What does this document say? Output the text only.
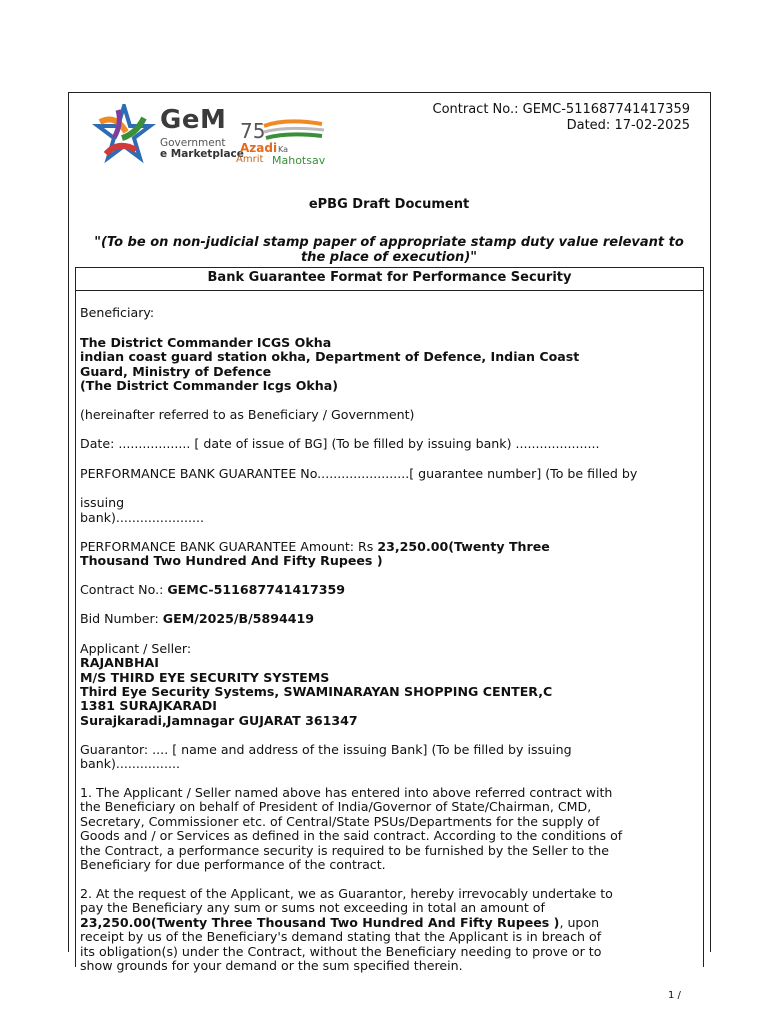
GeM
Government
e Marketplace
75
Azadi Ka
Amrit Mahotsav
Contract No.: GEMC-511687741417359
Dated: 17-02-2025
ePBG Draft Document
"(To be on non-judicial stamp paper of appropriate stamp duty value relevant to the place of execution)"
Bank Guarantee Format for Performance Security
Beneficiary:
The District Commander ICGS Okha
indian coast guard station okha, Department of Defence, Indian Coast
Guard, Ministry of Defence
(The District Commander Icgs Okha)
(hereinafter referred to as Beneficiary / Government)
Date: .................. [ date of issue of BG] (To be filled by issuing bank) .....................
PERFORMANCE BANK GUARANTEE No.......................[ guarantee number] (To be filled by
issuing
bank)......................
PERFORMANCE BANK GUARANTEE Amount: Rs 23,250.00(Twenty Three
Thousand Two Hundred And Fifty Rupees )
Contract No.: GEMC-511687741417359
Bid Number: GEM/2025/B/5894419
Applicant / Seller:
RAJANBHAI
M/S THIRD EYE SECURITY SYSTEMS
Third Eye Security Systems, SWAMINARAYAN SHOPPING CENTER,C
1381 SURAJKARADI
Surajkaradi,Jamnagar GUJARAT 361347
Guarantor: .... [ name and address of the issuing Bank] (To be filled by issuing
bank)................
1. The Applicant / Seller named above has entered into above referred contract with
the Beneficiary on behalf of President of India/Governor of State/Chairman, CMD,
Secretary, Commissioner etc. of Central/State PSUs/Departments for the supply of
Goods and / or Services as defined in the said contract. According to the conditions of
the Contract, a performance security is required to be furnished by the Seller to the
Beneficiary for due performance of the contract.
2. At the request of the Applicant, we as Guarantor, hereby irrevocably undertake to
pay the Beneficiary any sum or sums not exceeding in total an amount of
23,250.00(Twenty Three Thousand Two Hundred And Fifty Rupees ), upon
receipt by us of the Beneficiary's demand stating that the Applicant is in breach of
its obligation(s) under the Contract, without the Beneficiary needing to prove or to
show grounds for your demand or the sum specified therein.
1 /
